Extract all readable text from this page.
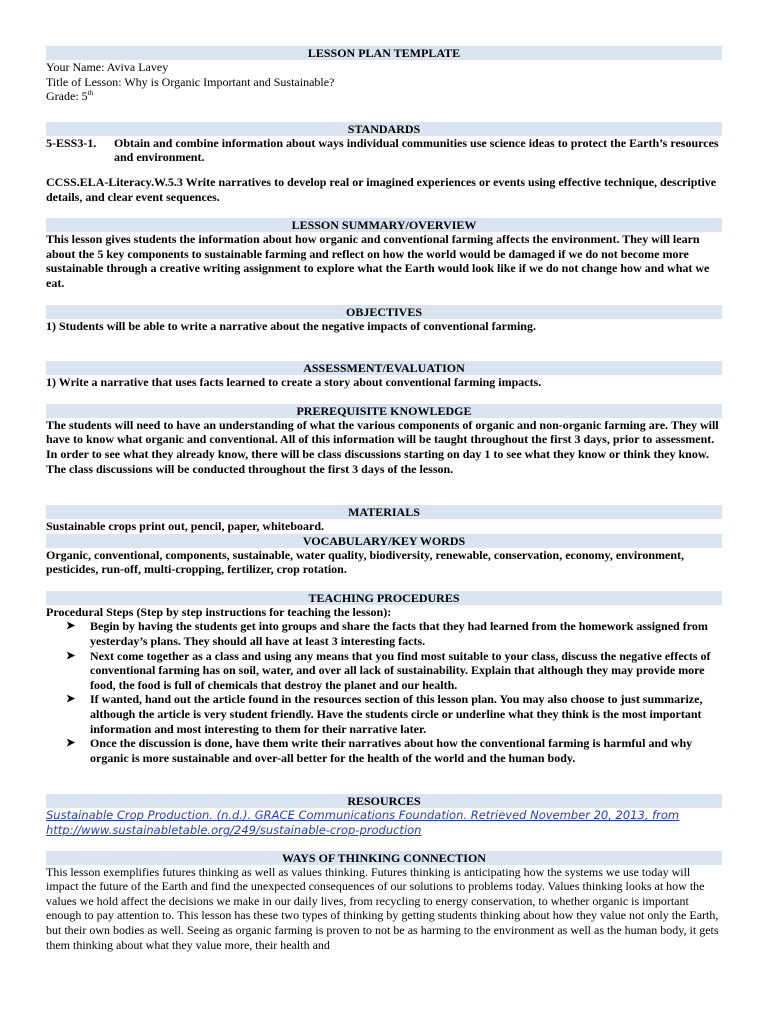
LESSON PLAN TEMPLATE

Your Name: Aviva Lavey

Title of Lesson: Why is Organic Important and Sustainable?

Grade: 5th

STANDARDS
5-ESS3-1.	Obtain and combine information about ways individual communities use science ideas to protect the Earth’s resources and environment.

CCSS.ELA-Literacy.W.5.3 Write narratives to develop real or imagined experiences or events using effective technique, descriptive details, and clear event sequences.

LESSON SUMMARY/OVERVIEW

This lesson gives students the information about how organic and conventional farming affects the environment. They will learn about the 5 key components to sustainable farming and reflect on how the world would be damaged if we do not become more sustainable through a creative writing assignment to explore what the Earth would look like if we do not change how and what we eat.

OBJECTIVES

1) Students will be able to write a narrative about the negative impacts of conventional farming.

ASSESSMENT/EVALUATION

1) Write a narrative that uses facts learned to create a story about conventional farming impacts.

PREREQUISITE KNOWLEDGE

The students will need to have an understanding of what the various components of organic and non-organic farming are. They will have to know what organic and conventional. All of this information will be taught throughout the first 3 days, prior to assessment. In order to see what they already know, there will be class discussions starting on day 1 to see what they know or think they know. The class discussions will be conducted throughout the first 3 days of the lesson.

MATERIALS

Sustainable crops print out, pencil, paper, whiteboard.

VOCABULARY/KEY WORDS

Organic, conventional, components, sustainable, water quality, biodiversity, renewable, conservation, economy, environment, pesticides, run-off, multi-cropping, fertilizer, crop rotation.

TEACHING PROCEDURES

Procedural Steps (Step by step instructions for teaching the lesson):

➤ Begin by having the students get into groups and share the facts that they had learned from the homework assigned from yesterday’s plans. They should all have at least 3 interesting facts.
➤ Next come together as a class and using any means that you find most suitable to your class, discuss the negative effects of conventional farming has on soil, water, and over all lack of sustainability. Explain that although they may provide more food, the food is full of chemicals that destroy the planet and our health.
➤ If wanted, hand out the article found in the resources section of this lesson plan. You may also choose to just summarize, although the article is very student friendly. Have the students circle or underline what they think is the most important information and most interesting to them for their narrative later.
➤ Once the discussion is done, have them write their narratives about how the conventional farming is harmful and why organic is more sustainable and over-all better for the health of the world and the human body.
RESOURCES

Sustainable Crop Production. (n.d.). GRACE Communications Foundation. Retrieved November 20, 2013, from
http://www.sustainabletable.org/249/sustainable-crop-production

WAYS OF THINKING CONNECTION

This lesson exemplifies futures thinking as well as values thinking. Futures thinking is anticipating how the systems we use today will impact the future of the Earth and find the unexpected consequences of our solutions to problems today. Values thinking looks at how the values we hold affect the decisions we make in our daily lives, from recycling to energy conservation, to whether organic is important enough to pay attention to. This lesson has these two types of thinking by getting students thinking about how they value not only the Earth, but their own bodies as well. Seeing as organic farming is proven to not be as harming to the environment as well as the human body, it gets them thinking about what they value more, their health and
